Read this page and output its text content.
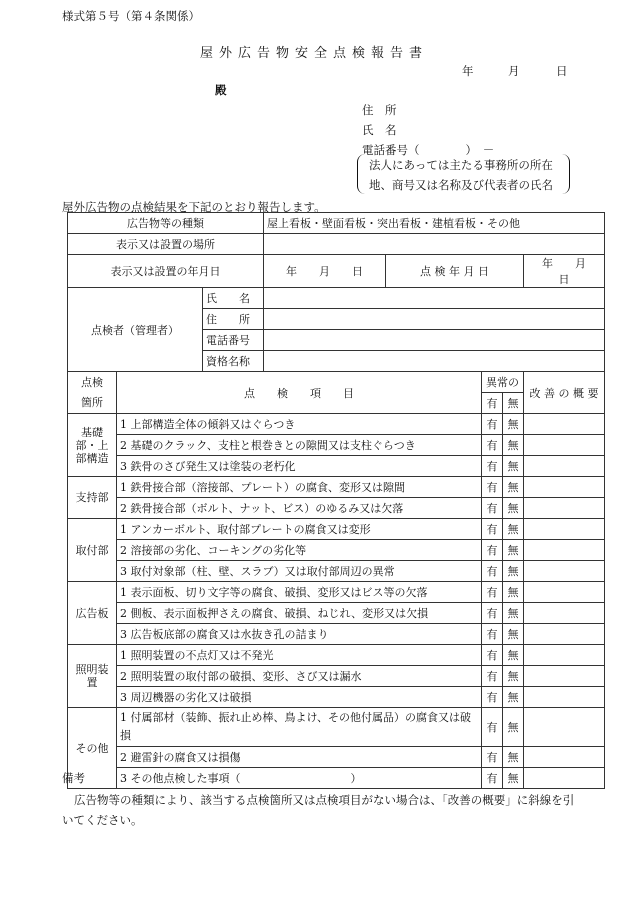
様式第５号（第４条関係）
屋外広告物安全点検報告書
年	月	日
殿
住　所
氏　名
電話番号（　　　　）　－
法人にあっては主たる事務所の所在
地、商号又は名称及び代表者の氏名
屋外広告物の点検結果を下記のとおり報告します。
広告物等の種類			屋上看板・壁面看板・突出看板・建植看板・その他				
表示又は設置の場所							
表示又は設置の年月日			年　　月　　日	点 検 年 月 日			年　　月　　日
点検者（管理者）		氏　　名					
		住　　所					
		電話番号					
		資格名称					
点検
箇所	点　　検　　項　　目				異常の		改 善 の 概 要
					有	無	
基礎部・上部構造	1 上部構造全体の傾斜又はぐらつき				有	無	
	2 基礎のクラック、支柱と根巻きとの隙間又は支柱ぐらつき				有	無	
	3 鉄骨のさび発生又は塗装の老朽化				有	無	
支持部	1 鉄骨接合部（溶接部、プレート）の腐食、変形又は隙間				有	無	
	2 鉄骨接合部（ボルト、ナット、ビス）のゆるみ又は欠落				有	無	
取付部	1 アンカーボルト、取付部プレートの腐食又は変形				有	無	
	2 溶接部の劣化、コーキングの劣化等				有	無	
	3 取付対象部（柱、壁、スラブ）又は取付部周辺の異常				有	無	
広告板	1 表示面板、切り文字等の腐食、破損、変形又はビス等の欠落				有	無	
	2 側板、表示面板押さえの腐食、破損、ねじれ、変形又は欠損				有	無	
	3 広告板底部の腐食又は水抜き孔の詰まり				有	無	
照明装置	1 照明装置の不点灯又は不発光				有	無	
	2 照明装置の取付部の破損、変形、さび又は漏水				有	無	
	3 周辺機器の劣化又は破損				有	無	
その他	1 付属部材（装飾、振れ止め棒、鳥よけ、その他付属品）の腐食又は破損				有	無	
	2 避雷針の腐食又は損傷				有	無	
	3 その他点検した事項（　　　　　　　　　　）				有	無	
備考
広告物等の種類により、該当する点検箇所又は点検項目がない場合は、「改善の概要」に斜線を引いてください。
